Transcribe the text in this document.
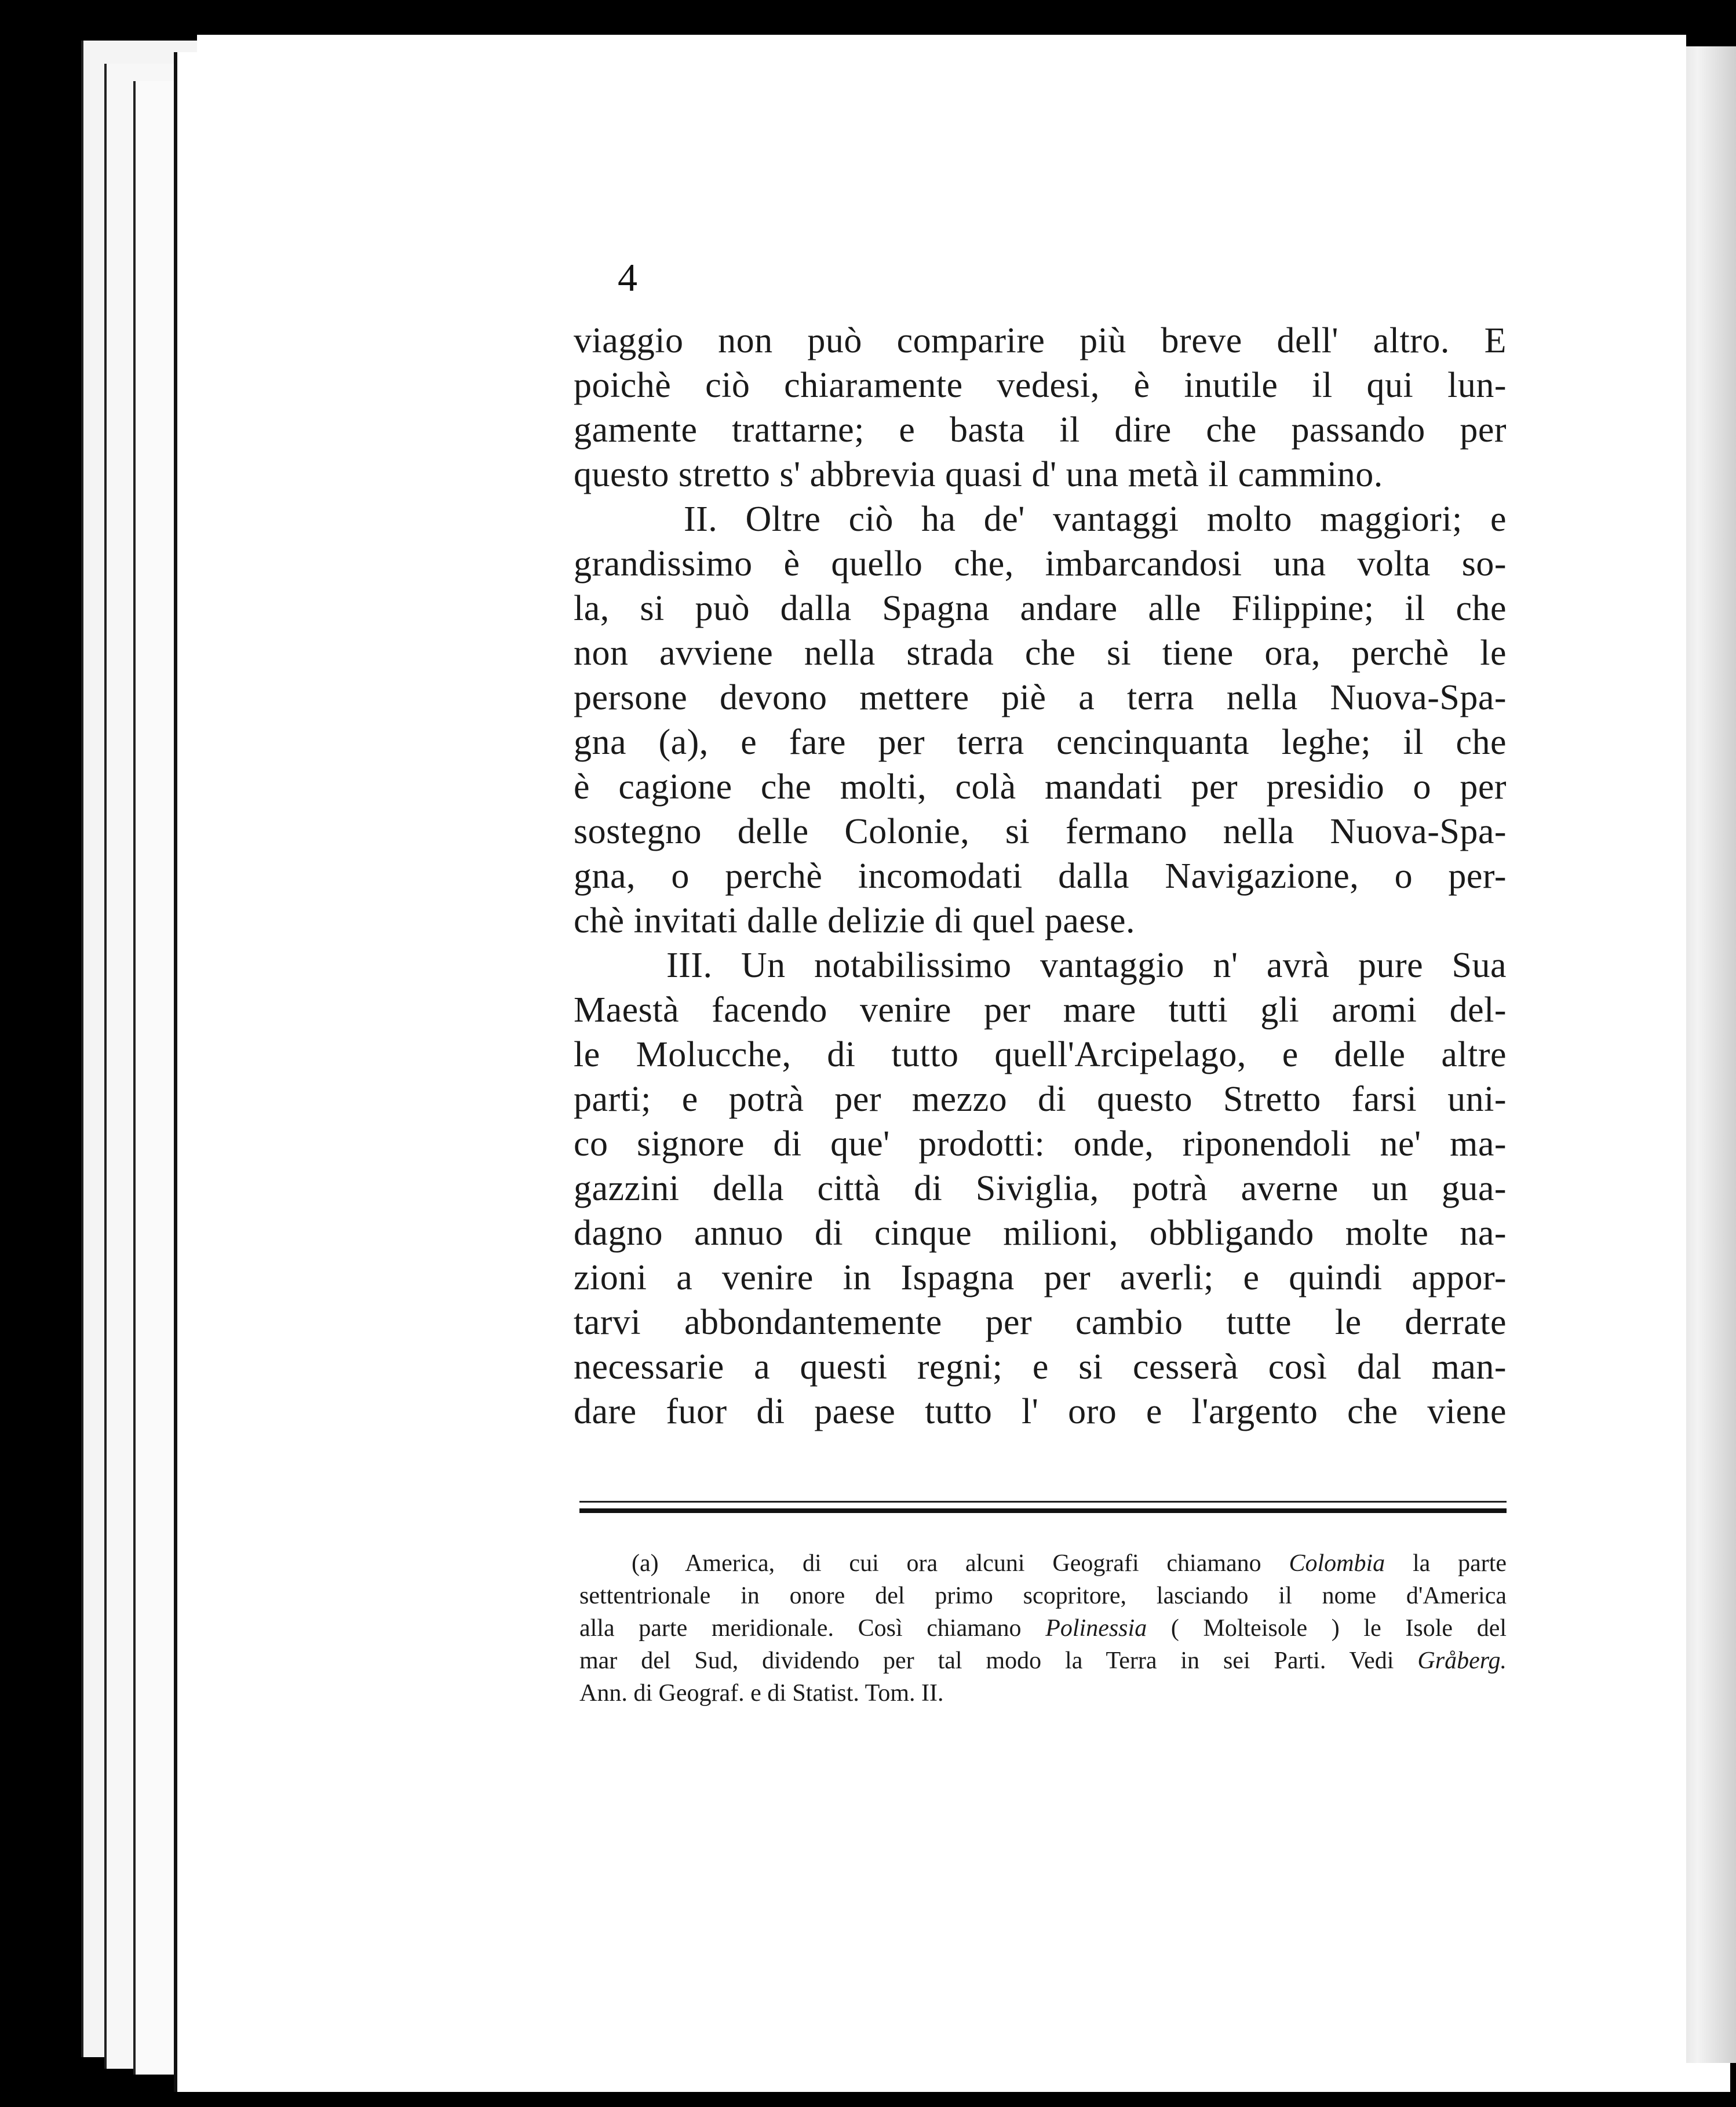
4
viaggio non può comparire più breve dell' altro. E
poichè ciò chiaramente vedesi, è inutile il qui lun-
gamente trattarne; e basta il dire che passando per
questo stretto s' abbrevia quasi d' una metà il cammino.
II. Oltre ciò ha de' vantaggi molto maggiori; e
grandissimo è quello che, imbarcandosi una volta so-
la, si può dalla Spagna andare alle Filippine; il che
non avviene nella strada che si tiene ora, perchè le
persone devono mettere piè a terra nella Nuova-Spa-
gna (a), e fare per terra cencinquanta leghe; il che
è cagione che molti, colà mandati per presidio o per
sostegno delle Colonie, si fermano nella Nuova-Spa-
gna, o perchè incomodati dalla Navigazione, o per-
chè invitati dalle delizie di quel paese.
III. Un notabilissimo vantaggio n' avrà pure Sua
Maestà facendo venire per mare tutti gli aromi del-
le Molucche, di tutto quell'Arcipelago, e delle altre
parti; e potrà per mezzo di questo Stretto farsi uni-
co signore di que' prodotti: onde, riponendoli ne' ma-
gazzini della città di Siviglia, potrà averne un gua-
dagno annuo di cinque milioni, obbligando molte na-
zioni a venire in Ispagna per averli; e quindi appor-
tarvi abbondantemente per cambio tutte le derrate
necessarie a questi regni; e si cesserà così dal man-
dare fuor di paese tutto l' oro e l'argento che viene
(a) America, di cui ora alcuni Geografi chiamano Colombia la parte
settentrionale in onore del primo scopritore, lasciando il nome d'America
alla parte meridionale. Così chiamano Polinessia ( Molteisole ) le Isole del
mar del Sud, dividendo per tal modo la Terra in sei Parti. Vedi Gråberg.
Ann. di Geograf. e di Statist. Tom. II.
